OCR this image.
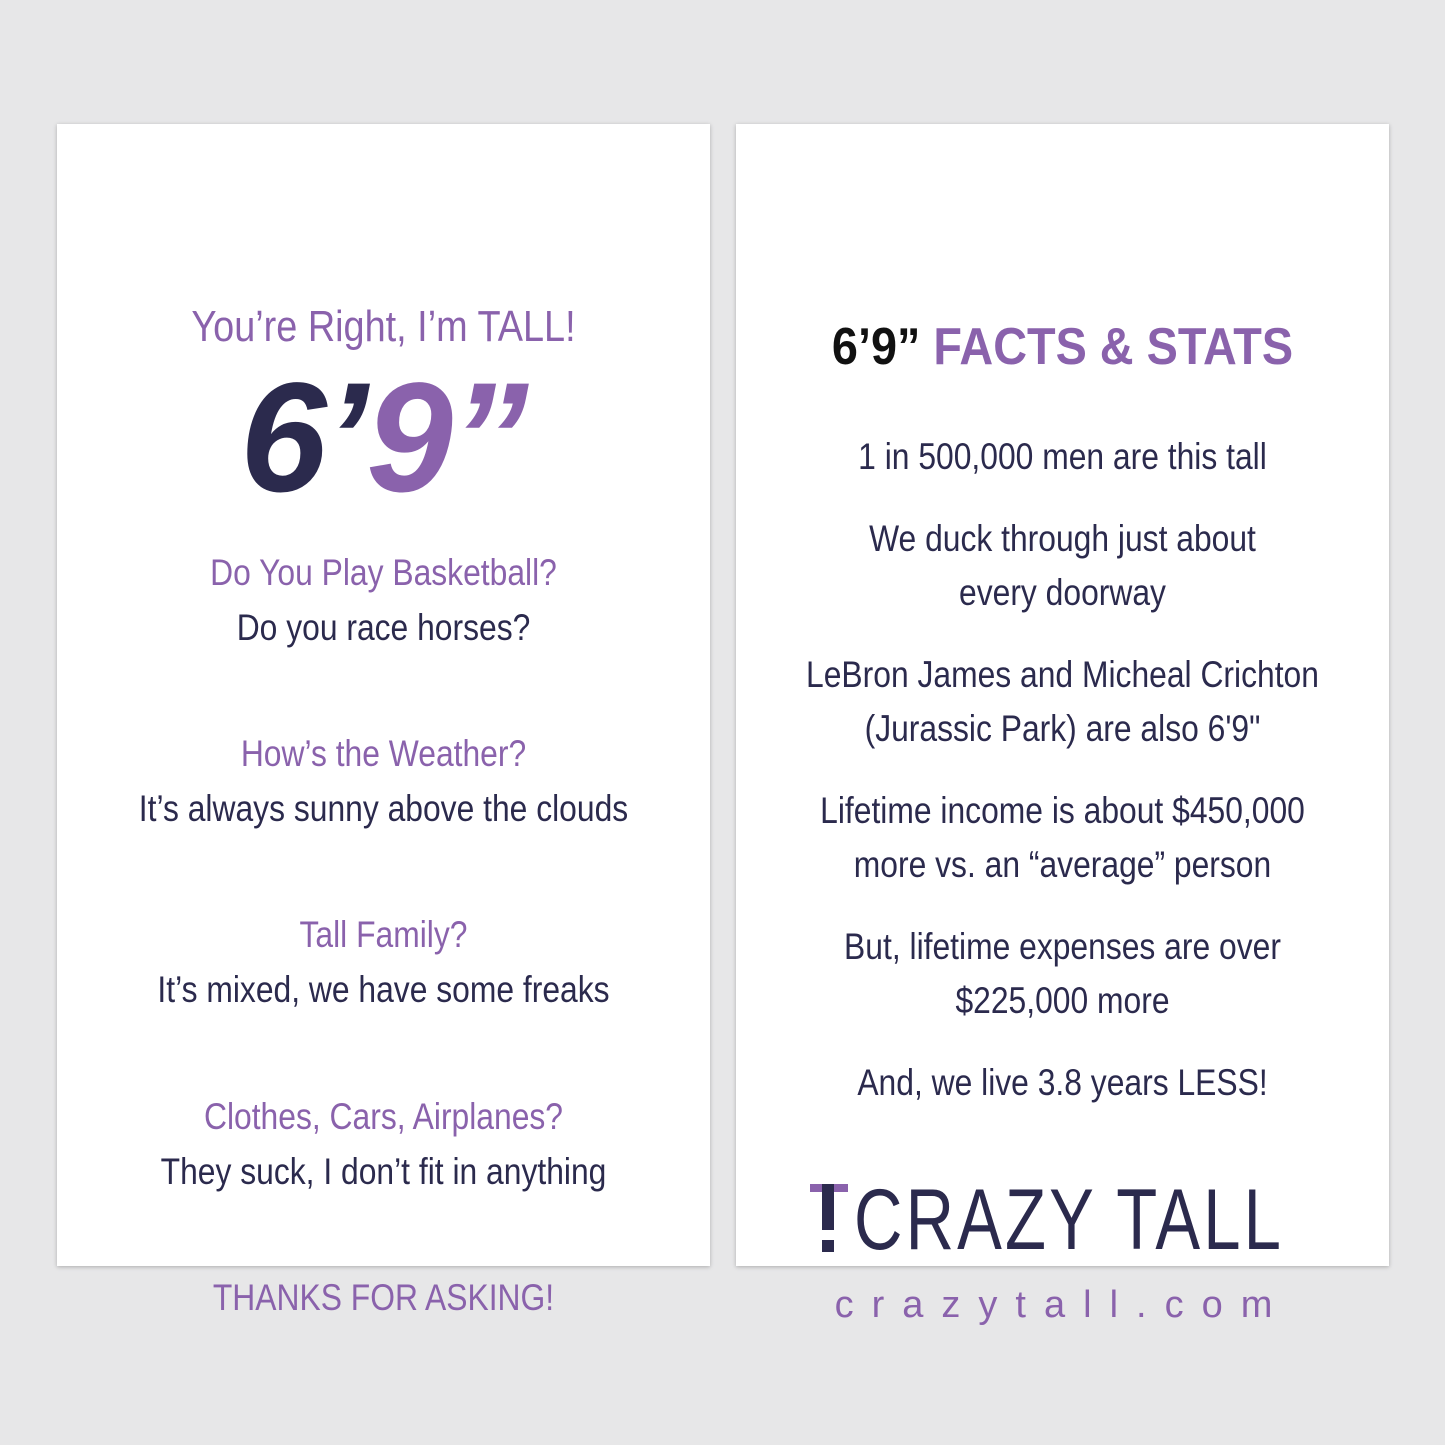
You’re Right, I’m TALL!
6’9”
Do You Play Basketball?
Do you race horses?
How’s the Weather?
It’s always sunny above the clouds
Tall Family?
It’s mixed, we have some freaks
Clothes, Cars, Airplanes?
They suck, I don’t fit in anything
THANKS FOR ASKING!
6’9” FACTS & STATS
1 in 500,000 men are this tall
We duck through just about
every doorway
LeBron James and Micheal Crichton
(Jurassic Park) are also 6'9"
Lifetime income is about $450,000
more vs. an “average” person
But, lifetime expenses are over
$225,000 more
And, we live 3.8 years LESS!
CRAZY TALL
crazytall.com
